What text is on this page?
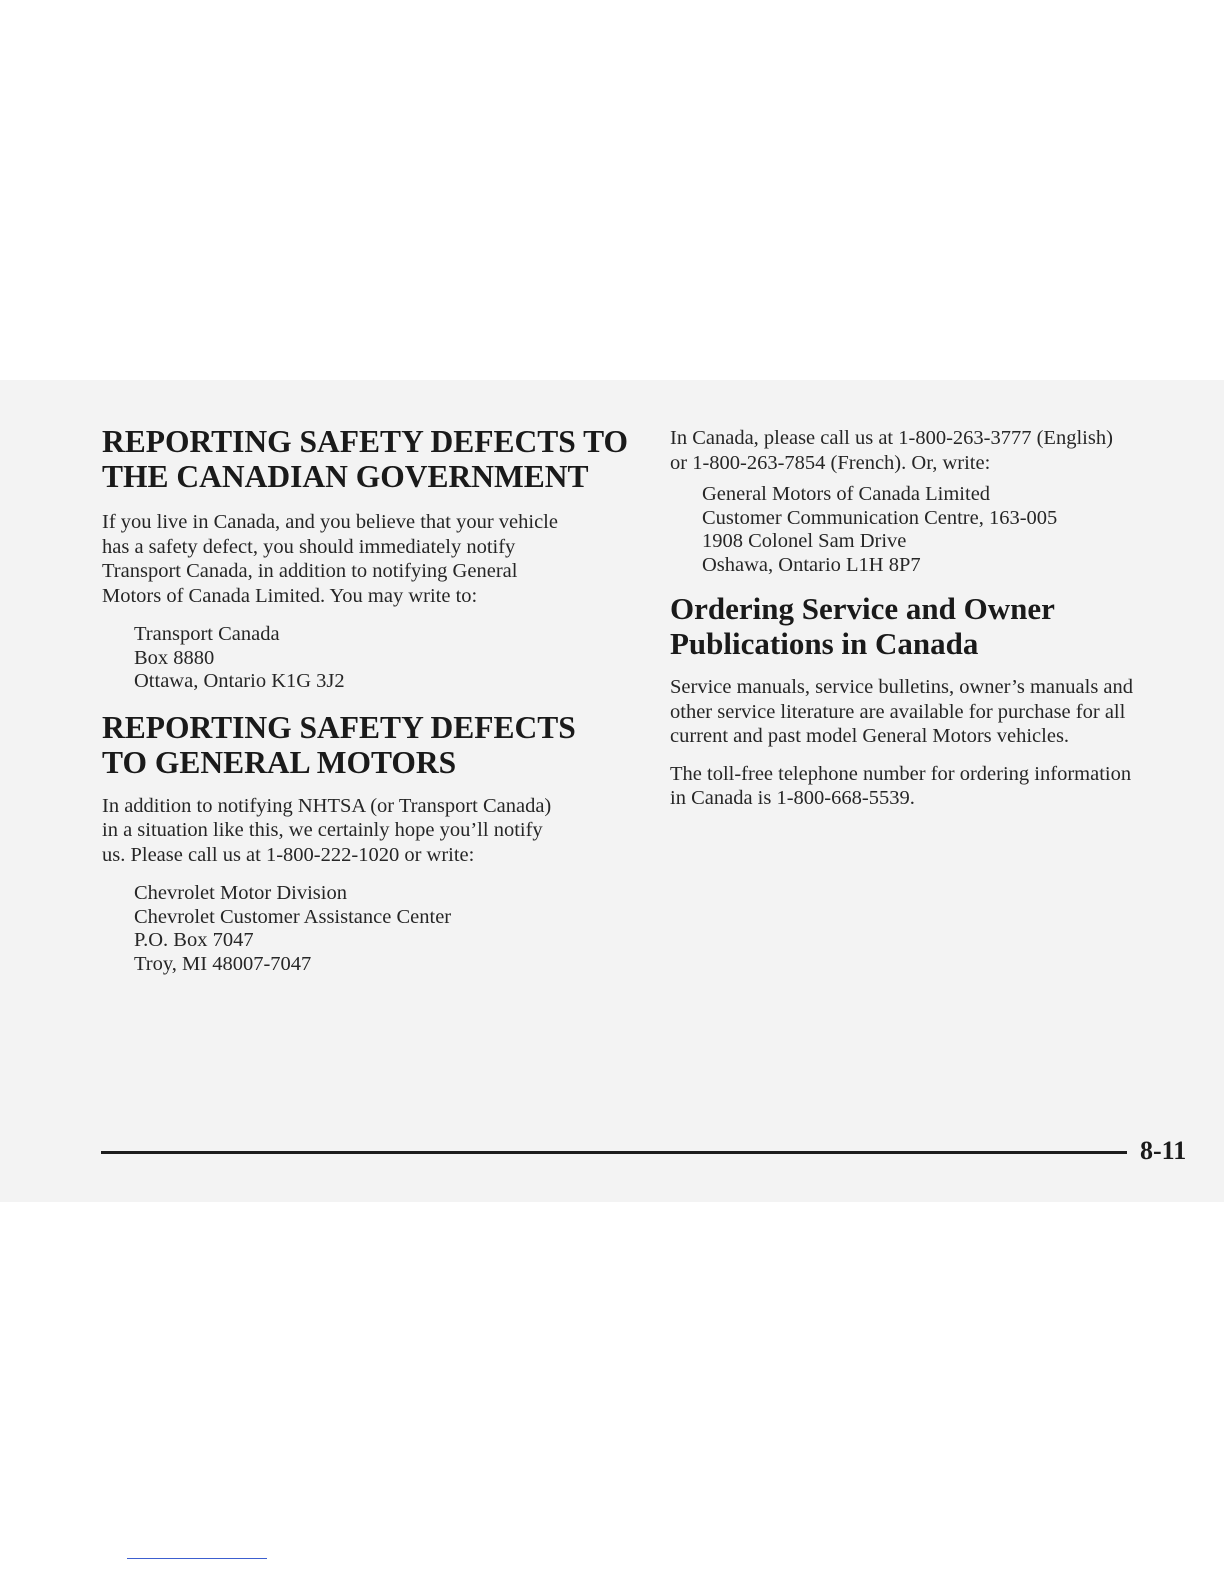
REPORTING SAFETY DEFECTS TO
THE CANADIAN GOVERNMENT

If you live in Canada, and you believe that your vehicle
has a safety defect, you should immediately notify
Transport Canada, in addition to notifying General
Motors of Canada Limited. You may write to:

Transport Canada
Box 8880
Ottawa, Ontario K1G 3J2
REPORTING SAFETY DEFECTS
TO GENERAL MOTORS

In addition to notifying NHTSA (or Transport Canada)
in a situation like this, we certainly hope you’ll notify
us. Please call us at 1-800-222-1020 or write:

Chevrolet Motor Division
Chevrolet Customer Assistance Center
P.O. Box 7047
Troy, MI 48007-7047

In Canada, please call us at 1-800-263-3777 (English)
or 1-800-263-7854 (French). Or, write:

General Motors of Canada Limited
Customer Communication Centre, 163-005
1908 Colonel Sam Drive
Oshawa, Ontario L1H 8P7
Ordering Service and Owner
Publications in Canada

Service manuals, service bulletins, owner’s manuals and
other service literature are available for purchase for all
current and past model General Motors vehicles.

The toll-free telephone number for ordering information
in Canada is 1-800-668-5539.

8-11
